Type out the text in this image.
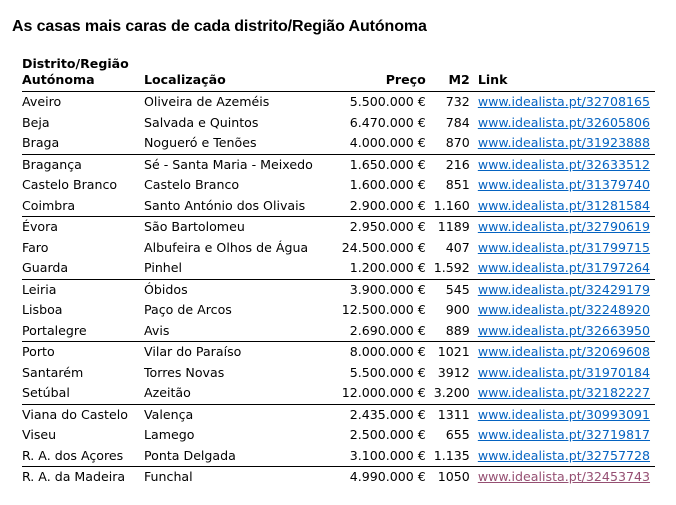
As casas mais caras de cada distrito/Região Autónoma
Distrito/Região Autónoma	Localização	Preço	M2	Link
Aveiro	Oliveira de Azeméis	5.500.000 €	732	www.idealista.pt/32708165
Beja	Salvada e Quintos	6.470.000 €	784	www.idealista.pt/32605806
Braga	Nogueró e Tenões	4.000.000 €	870	www.idealista.pt/31923888
Bragança	Sé - Santa Maria - Meixedo	1.650.000 €	216	www.idealista.pt/32633512
Castelo Branco	Castelo Branco	1.600.000 €	851	www.idealista.pt/31379740
Coimbra	Santo António dos Olivais	2.900.000 €	1.160	www.idealista.pt/31281584
Évora	São Bartolomeu	2.950.000 €	1189	www.idealista.pt/32790619
Faro	Albufeira e Olhos de Água	24.500.000 €	407	www.idealista.pt/31799715
Guarda	Pinhel	1.200.000 €	1.592	www.idealista.pt/31797264
Leiria	Óbidos	3.900.000 €	545	www.idealista.pt/32429179
Lisboa	Paço de Arcos	12.500.000 €	900	www.idealista.pt/32248920
Portalegre	Avis	2.690.000 €	889	www.idealista.pt/32663950
Porto	Vilar do Paraíso	8.000.000 €	1021	www.idealista.pt/32069608
Santarém	Torres Novas	5.500.000 €	3912	www.idealista.pt/31970184
Setúbal	Azeitão	12.000.000 €	3.200	www.idealista.pt/32182227
Viana do Castelo	Valença	2.435.000 €	1311	www.idealista.pt/30993091
Viseu	Lamego	2.500.000 €	655	www.idealista.pt/32719817
R. A. dos Açores	Ponta Delgada	3.100.000 €	1.135	www.idealista.pt/32757728
R. A. da Madeira	Funchal	4.990.000 €	1050	www.idealista.pt/32453743
